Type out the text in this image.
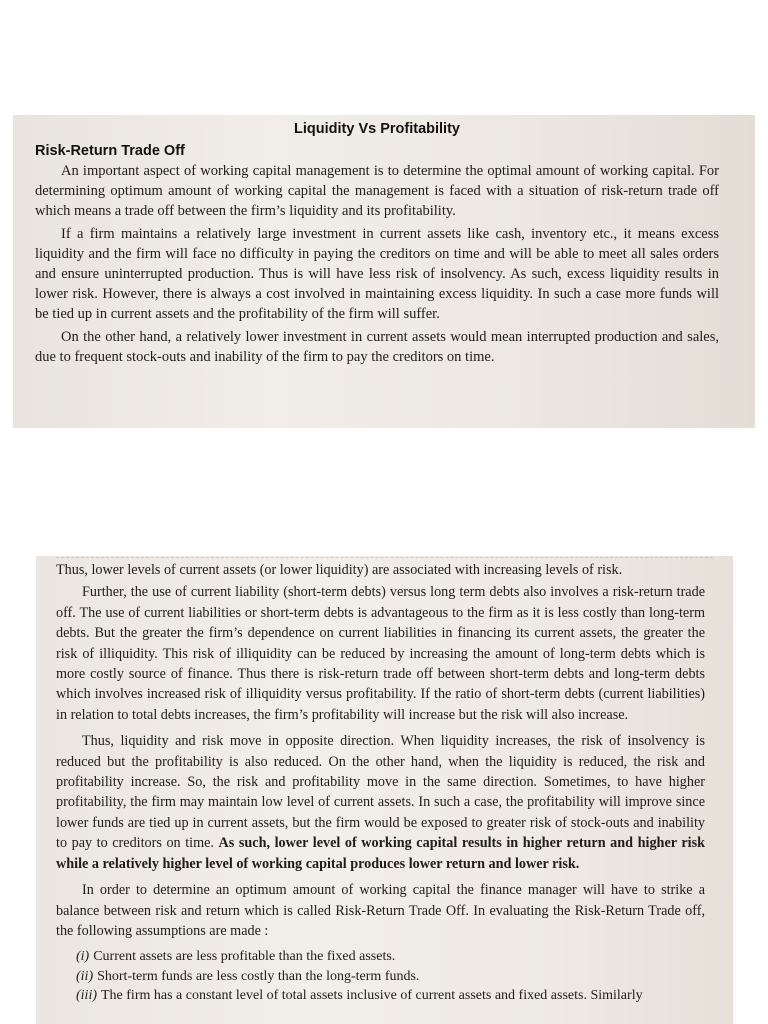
Liquidity Vs Profitability
Risk-Return Trade Off

An important aspect of working capital management is to determine the optimal amount of working capital. For determining optimum amount of working capital the management is faced with a situation of risk-return trade off which means a trade off between the firm’s liquidity and its profitability.

If a firm maintains a relatively large investment in current assets like cash, inventory etc., it means excess liquidity and the firm will face no difficulty in paying the creditors on time and will be able to meet all sales orders and ensure uninterrupted production. Thus is will have less risk of insolvency. As such, excess liquidity results in lower risk. However, there is always a cost involved in maintaining excess liquidity. In such a case more funds will be tied up in current assets and the profitability of the firm will suffer.

On the other hand, a relatively lower investment in current assets would mean interrupted production and sales, due to frequent stock-outs and inability of the firm to pay the creditors on time.

Thus, lower levels of current assets (or lower liquidity) are associated with increasing levels of risk.

Further, the use of current liability (short-term debts) versus long term debts also involves a risk-return trade off. The use of current liabilities or short-term debts is advantageous to the firm as it is less costly than long-term debts. But the greater the firm’s dependence on current liabilities in financing its current assets, the greater the risk of illiquidity. This risk of illiquidity can be reduced by increasing the amount of long-term debts which is more costly source of finance. Thus there is risk-return trade off between short-term debts and long-term debts which involves increased risk of illiquidity versus profitability. If the ratio of short-term debts (current liabilities) in relation to total debts increases, the firm’s profitability will increase but the risk will also increase.

Thus, liquidity and risk move in opposite direction. When liquidity increases, the risk of insolvency is reduced but the profitability is also reduced. On the other hand, when the liquidity is reduced, the risk and profitability increase. So, the risk and profitability move in the same direction. Sometimes, to have higher profitability, the firm may maintain low level of current assets. In such a case, the profitability will improve since lower funds are tied up in current assets, but the firm would be exposed to greater risk of stock-outs and inability to pay to creditors on time. As such, lower level of working capital results in higher return and higher risk while a relatively higher level of working capital produces lower return and lower risk.

In order to determine an optimum amount of working capital the finance manager will have to strike a balance between risk and return which is called Risk-Return Trade Off. In evaluating the Risk-Return Trade off, the following assumptions are made :

(i) Current assets are less profitable than the fixed assets.
(ii) Short-term funds are less costly than the long-term funds.
(iii) The firm has a constant level of total assets inclusive of current assets and fixed assets. Similarly
